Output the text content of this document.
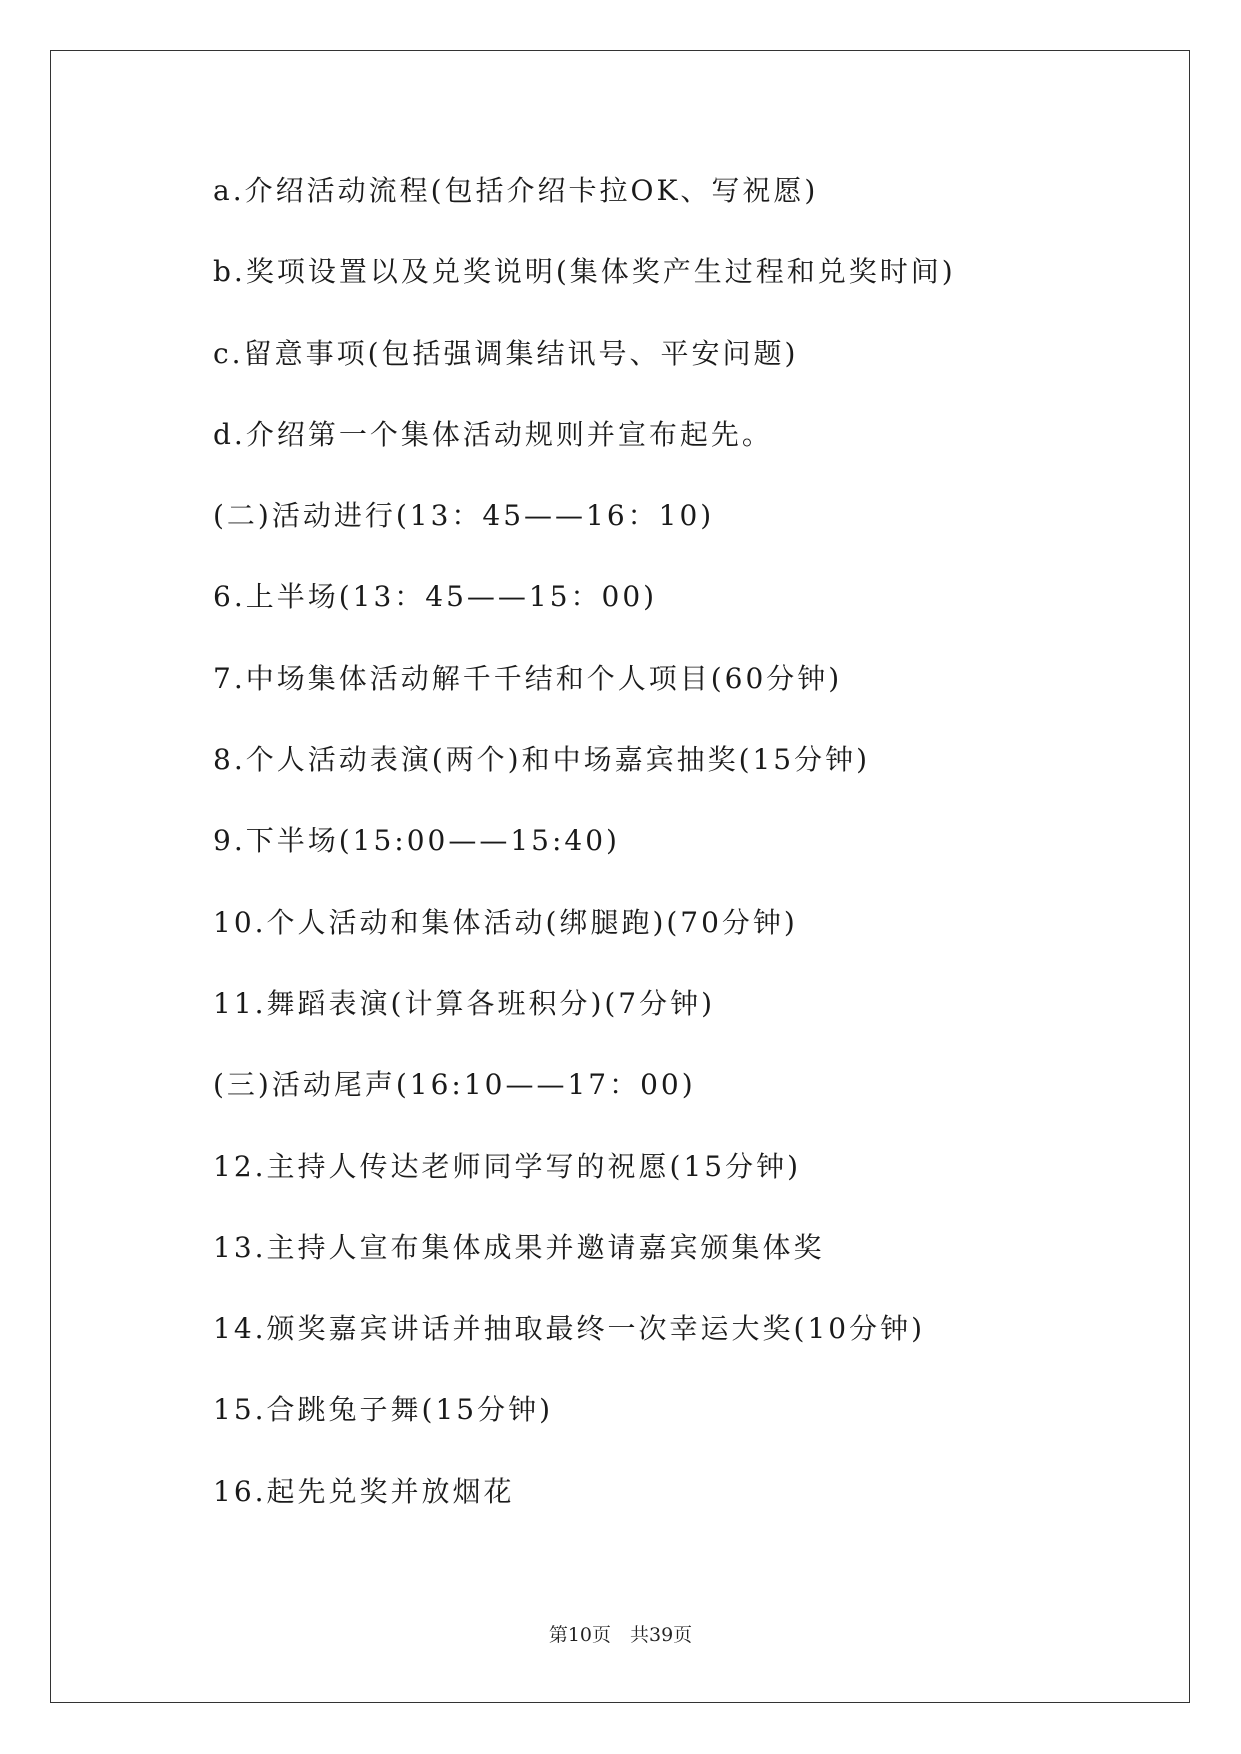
a.介绍活动流程(包括介绍卡拉OK、写祝愿)
b.奖项设置以及兑奖说明(集体奖产生过程和兑奖时间)
c.留意事项(包括强调集结讯号、平安问题)
d.介绍第一个集体活动规则并宣布起先。
(二)活动进行(13：45——16：10)
6.上半场(13：45——15：00)
7.中场集体活动解千千结和个人项目(60分钟)
8.个人活动表演(两个)和中场嘉宾抽奖(15分钟)
9.下半场(15:00——15:40)
10.个人活动和集体活动(绑腿跑)(70分钟)
11.舞蹈表演(计算各班积分)(7分钟)
(三)活动尾声(16:10——17：00)
12.主持人传达老师同学写的祝愿(15分钟)
13.主持人宣布集体成果并邀请嘉宾颁集体奖
14.颁奖嘉宾讲话并抽取最终一次幸运大奖(10分钟)
15.合跳兔子舞(15分钟)
16.起先兑奖并放烟花
第10页　共39页
